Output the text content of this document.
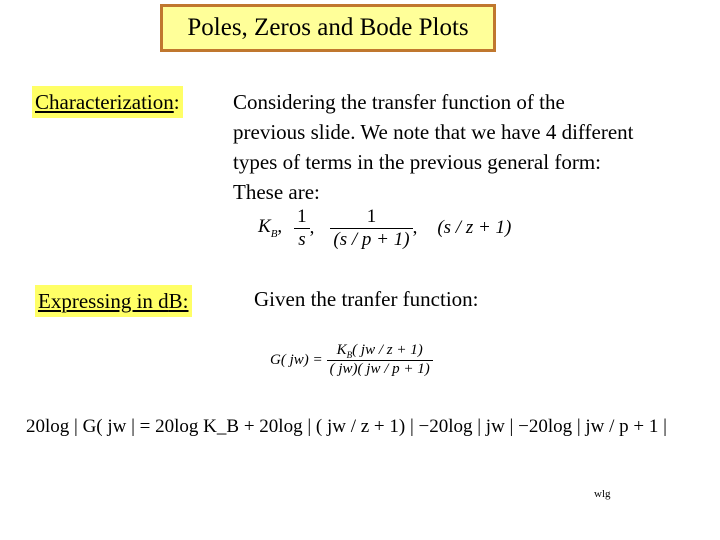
Poles, Zeros and Bode Plots
Characterization:	Considering the transfer function of the
previous slide. We note that we have 4 different
types of terms in the previous general form:
These are:
$K_B$, $\frac{1}{s}$ , $\frac{1}{(s / p + 1)}$ , (s / z + 1)
Expressing in dB:	Given the tranfer function:
G( $jw) = \frac{K_B( jw / z + 1)}{( jw)( jw / p + 1)}$
20log | G( jw | = 20log K_B + 20log | ( jw / z + 1) | −20log | jw | −20log | jw / p + 1 |
wlg
